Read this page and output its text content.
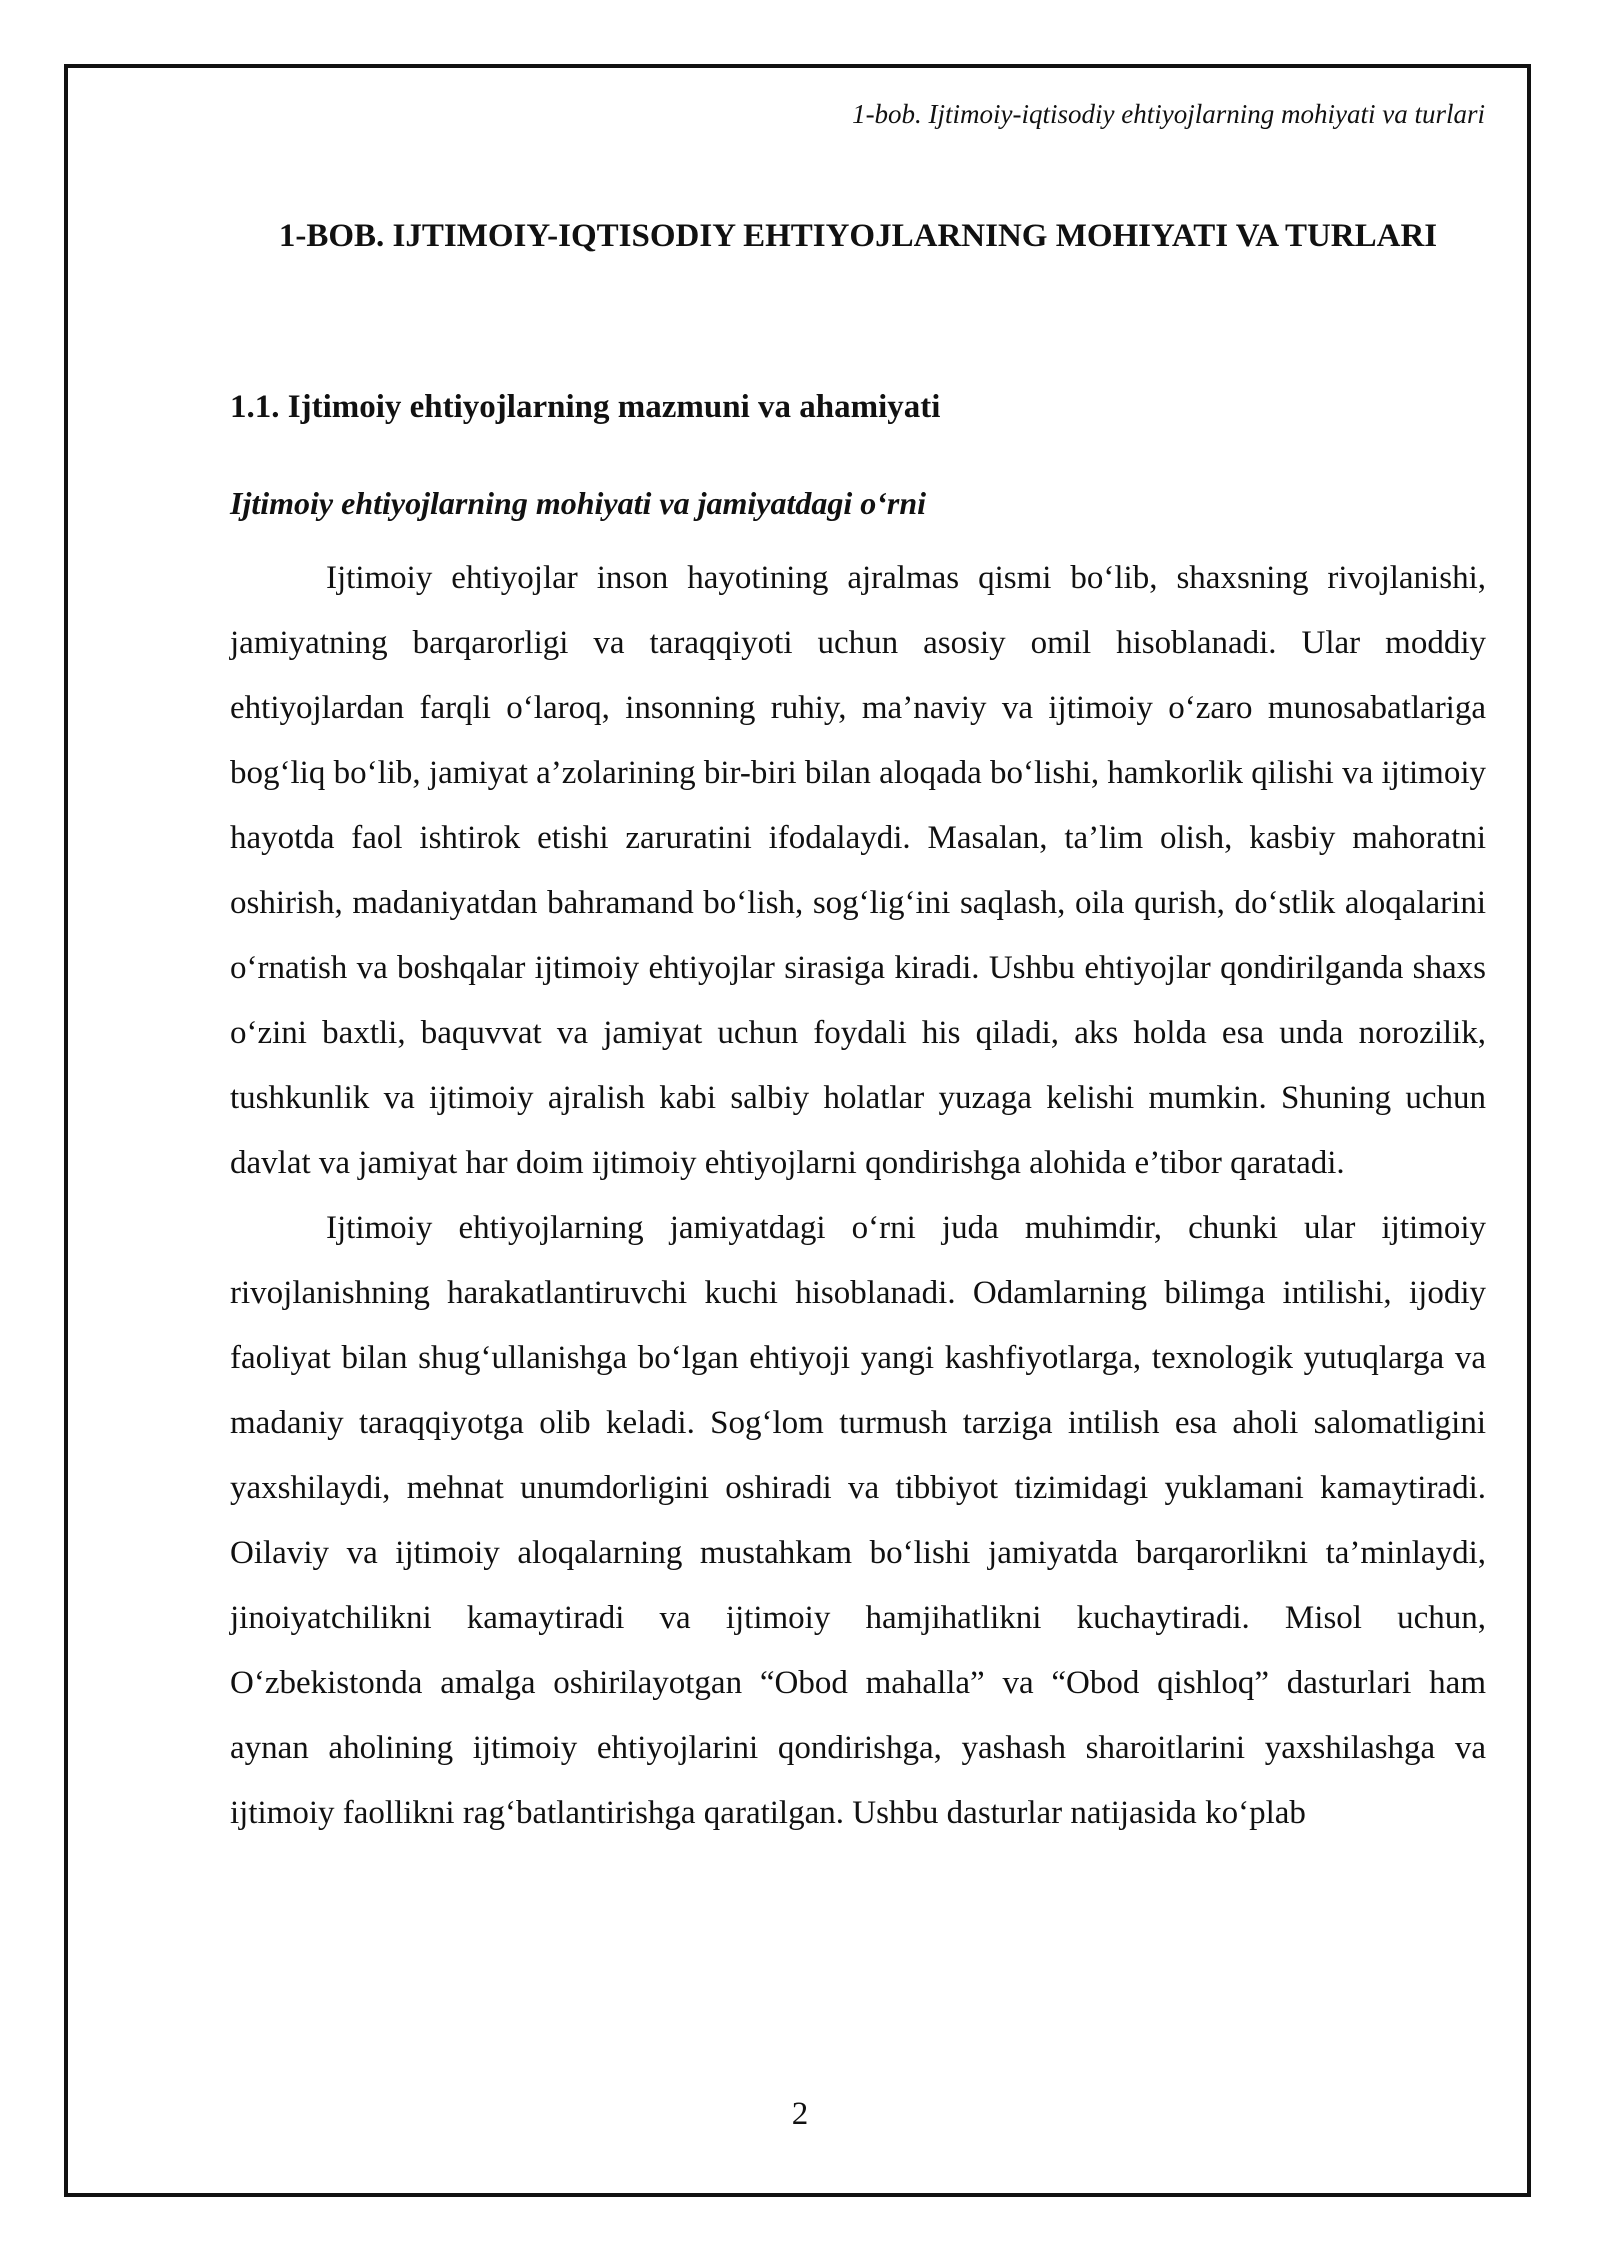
1-bob. Ijtimoiy-iqtisodiy ehtiyojlarning mohiyati va turlari
1-BOB. IJTIMOIY-IQTISODIY EHTIYOJLARNING MOHIYATI VA TURLARI
1.1. Ijtimoiy ehtiyojlarning mazmuni va ahamiyati
Ijtimoiy ehtiyojlarning mohiyati va jamiyatdagi o‘rni

Ijtimoiy ehtiyojlar inson hayotining ajralmas qismi bo‘lib, shaxsning rivojlanishi, jamiyatning barqarorligi va taraqqiyoti uchun asosiy omil hisoblanadi. Ular moddiy ehtiyojlardan farqli o‘laroq, insonning ruhiy, ma’naviy va ijtimoiy o‘zaro munosabatlariga bog‘liq bo‘lib, jamiyat a’zolarining bir-biri bilan aloqada bo‘lishi, hamkorlik qilishi va ijtimoiy hayotda faol ishtirok etishi zaruratini ifodalaydi. Masalan, ta’lim olish, kasbiy mahoratni oshirish, madaniyatdan bahramand bo‘lish, sog‘lig‘ini saqlash, oila qurish, do‘stlik aloqalarini o‘rnatish va boshqalar ijtimoiy ehtiyojlar sirasiga kiradi. Ushbu ehtiyojlar qondirilganda shaxs o‘zini baxtli, baquvvat va jamiyat uchun foydali his qiladi, aks holda esa unda norozilik, tushkunlik va ijtimoiy ajralish kabi salbiy holatlar yuzaga kelishi mumkin. Shuning uchun davlat va jamiyat har doim ijtimoiy ehtiyojlarni qondirishga alohida e’tibor qaratadi.

Ijtimoiy ehtiyojlarning jamiyatdagi o‘rni juda muhimdir, chunki ular ijtimoiy rivojlanishning harakatlantiruvchi kuchi hisoblanadi. Odamlarning bilimga intilishi, ijodiy faoliyat bilan shug‘ullanishga bo‘lgan ehtiyoji yangi kashfiyotlarga, texnologik yutuqlarga va madaniy taraqqiyotga olib keladi. Sog‘lom turmush tarziga intilish esa aholi salomatligini yaxshilaydi, mehnat unumdorligini oshiradi va tibbiyot tizimidagi yuklamani kamaytiradi. Oilaviy va ijtimoiy aloqalarning mustahkam bo‘lishi jamiyatda barqarorlikni ta’minlaydi, jinoiyatchilikni kamaytiradi va ijtimoiy hamjihatlikni kuchaytiradi. Misol uchun, O‘zbekistonda amalga oshirilayotgan “Obod mahalla” va “Obod qishloq” dasturlari ham aynan aholining ijtimoiy ehtiyojlarini qondirishga, yashash sharoitlarini yaxshilashga va ijtimoiy faollikni rag‘batlantirishga qaratilgan. Ushbu dasturlar natijasida ko‘plab

2
